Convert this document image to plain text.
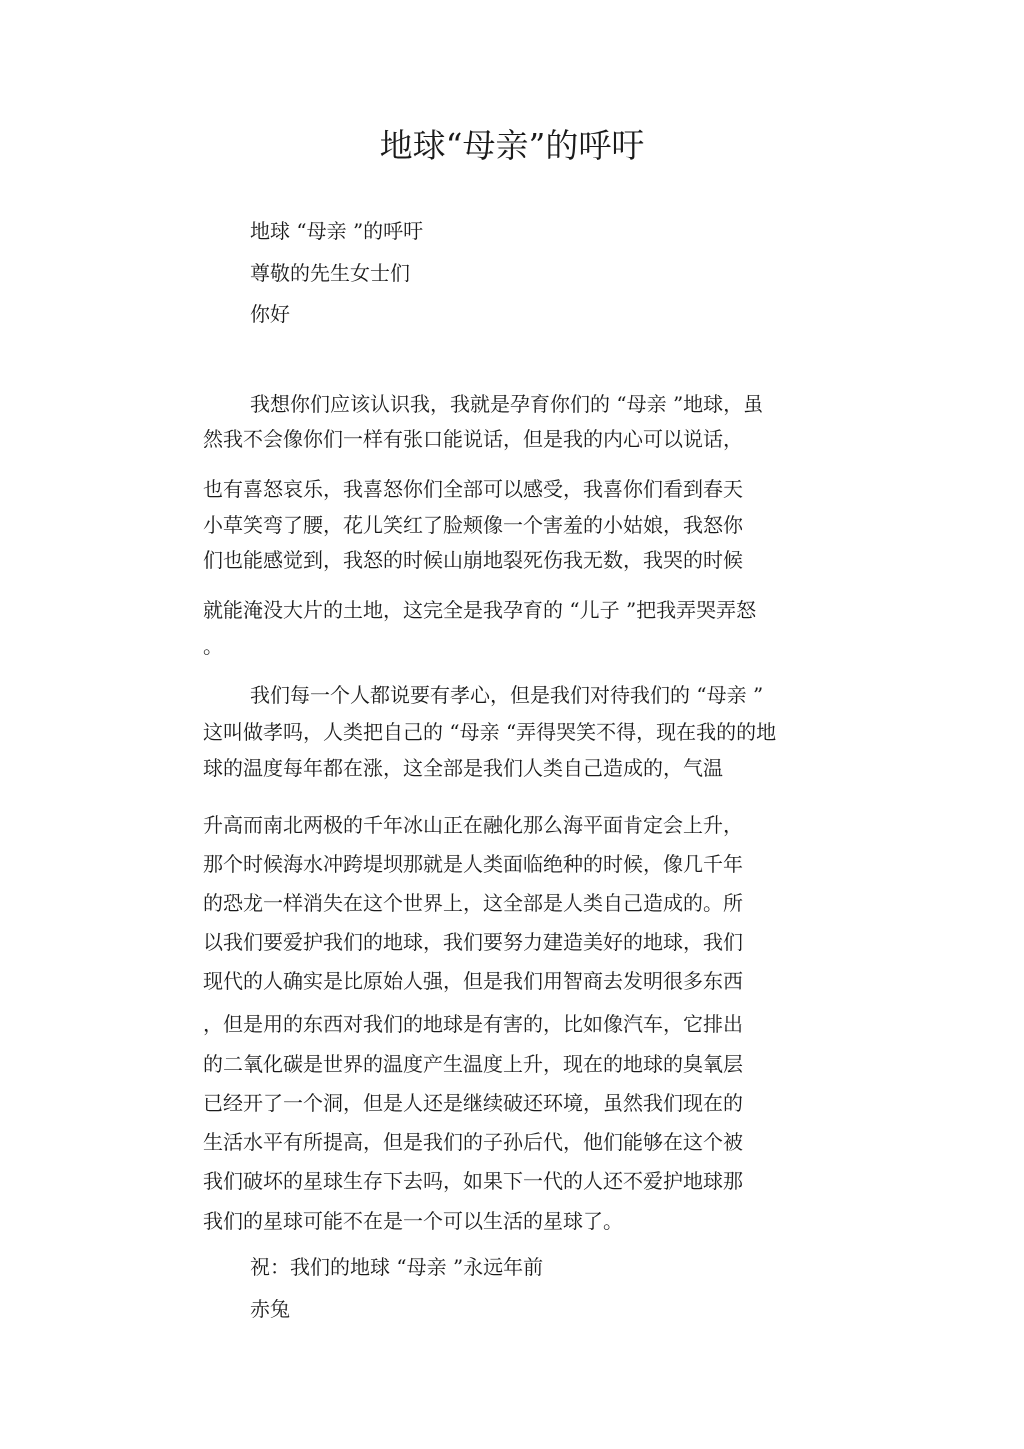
地球“母亲”的呼吁
地球 “母亲 ”的呼吁
尊敬的先生女士们
你好
我想你们应该认识我，我就是孕育你们的 “母亲 ”地球，虽
然我不会像你们一样有张口能说话，但是我的内心可以说话，
也有喜怒哀乐，我喜怒你们全部可以感受，我喜你们看到春天
小草笑弯了腰，花儿笑红了脸颊像一个害羞的小姑娘，我怒你
们也能感觉到，我怒的时候山崩地裂死伤我无数，我哭的时候
就能淹没大片的土地，这完全是我孕育的 “儿子 ”把我弄哭弄怒
。
我们每一个人都说要有孝心，但是我们对待我们的 “母亲 ”
这叫做孝吗，人类把自己的 “母亲 “弄得哭笑不得，现在我的的地
球的温度每年都在涨，这全部是我们人类自己造成的，气温
升高而南北两极的千年冰山正在融化那么海平面肯定会上升，
那个时候海水冲跨堤坝那就是人类面临绝种的时候，像几千年
的恐龙一样消失在这个世界上，这全部是人类自己造成的。所
以我们要爱护我们的地球，我们要努力建造美好的地球，我们
现代的人确实是比原始人强，但是我们用智商去发明很多东西
，但是用的东西对我们的地球是有害的，比如像汽车，它排出
的二氧化碳是世界的温度产生温度上升，现在的地球的臭氧层
已经开了一个洞，但是人还是继续破还环境，虽然我们现在的
生活水平有所提高，但是我们的子孙后代，他们能够在这个被
我们破坏的星球生存下去吗，如果下一代的人还不爱护地球那
我们的星球可能不在是一个可以生活的星球了。
祝：我们的地球 “母亲 ”永远年前
赤兔
